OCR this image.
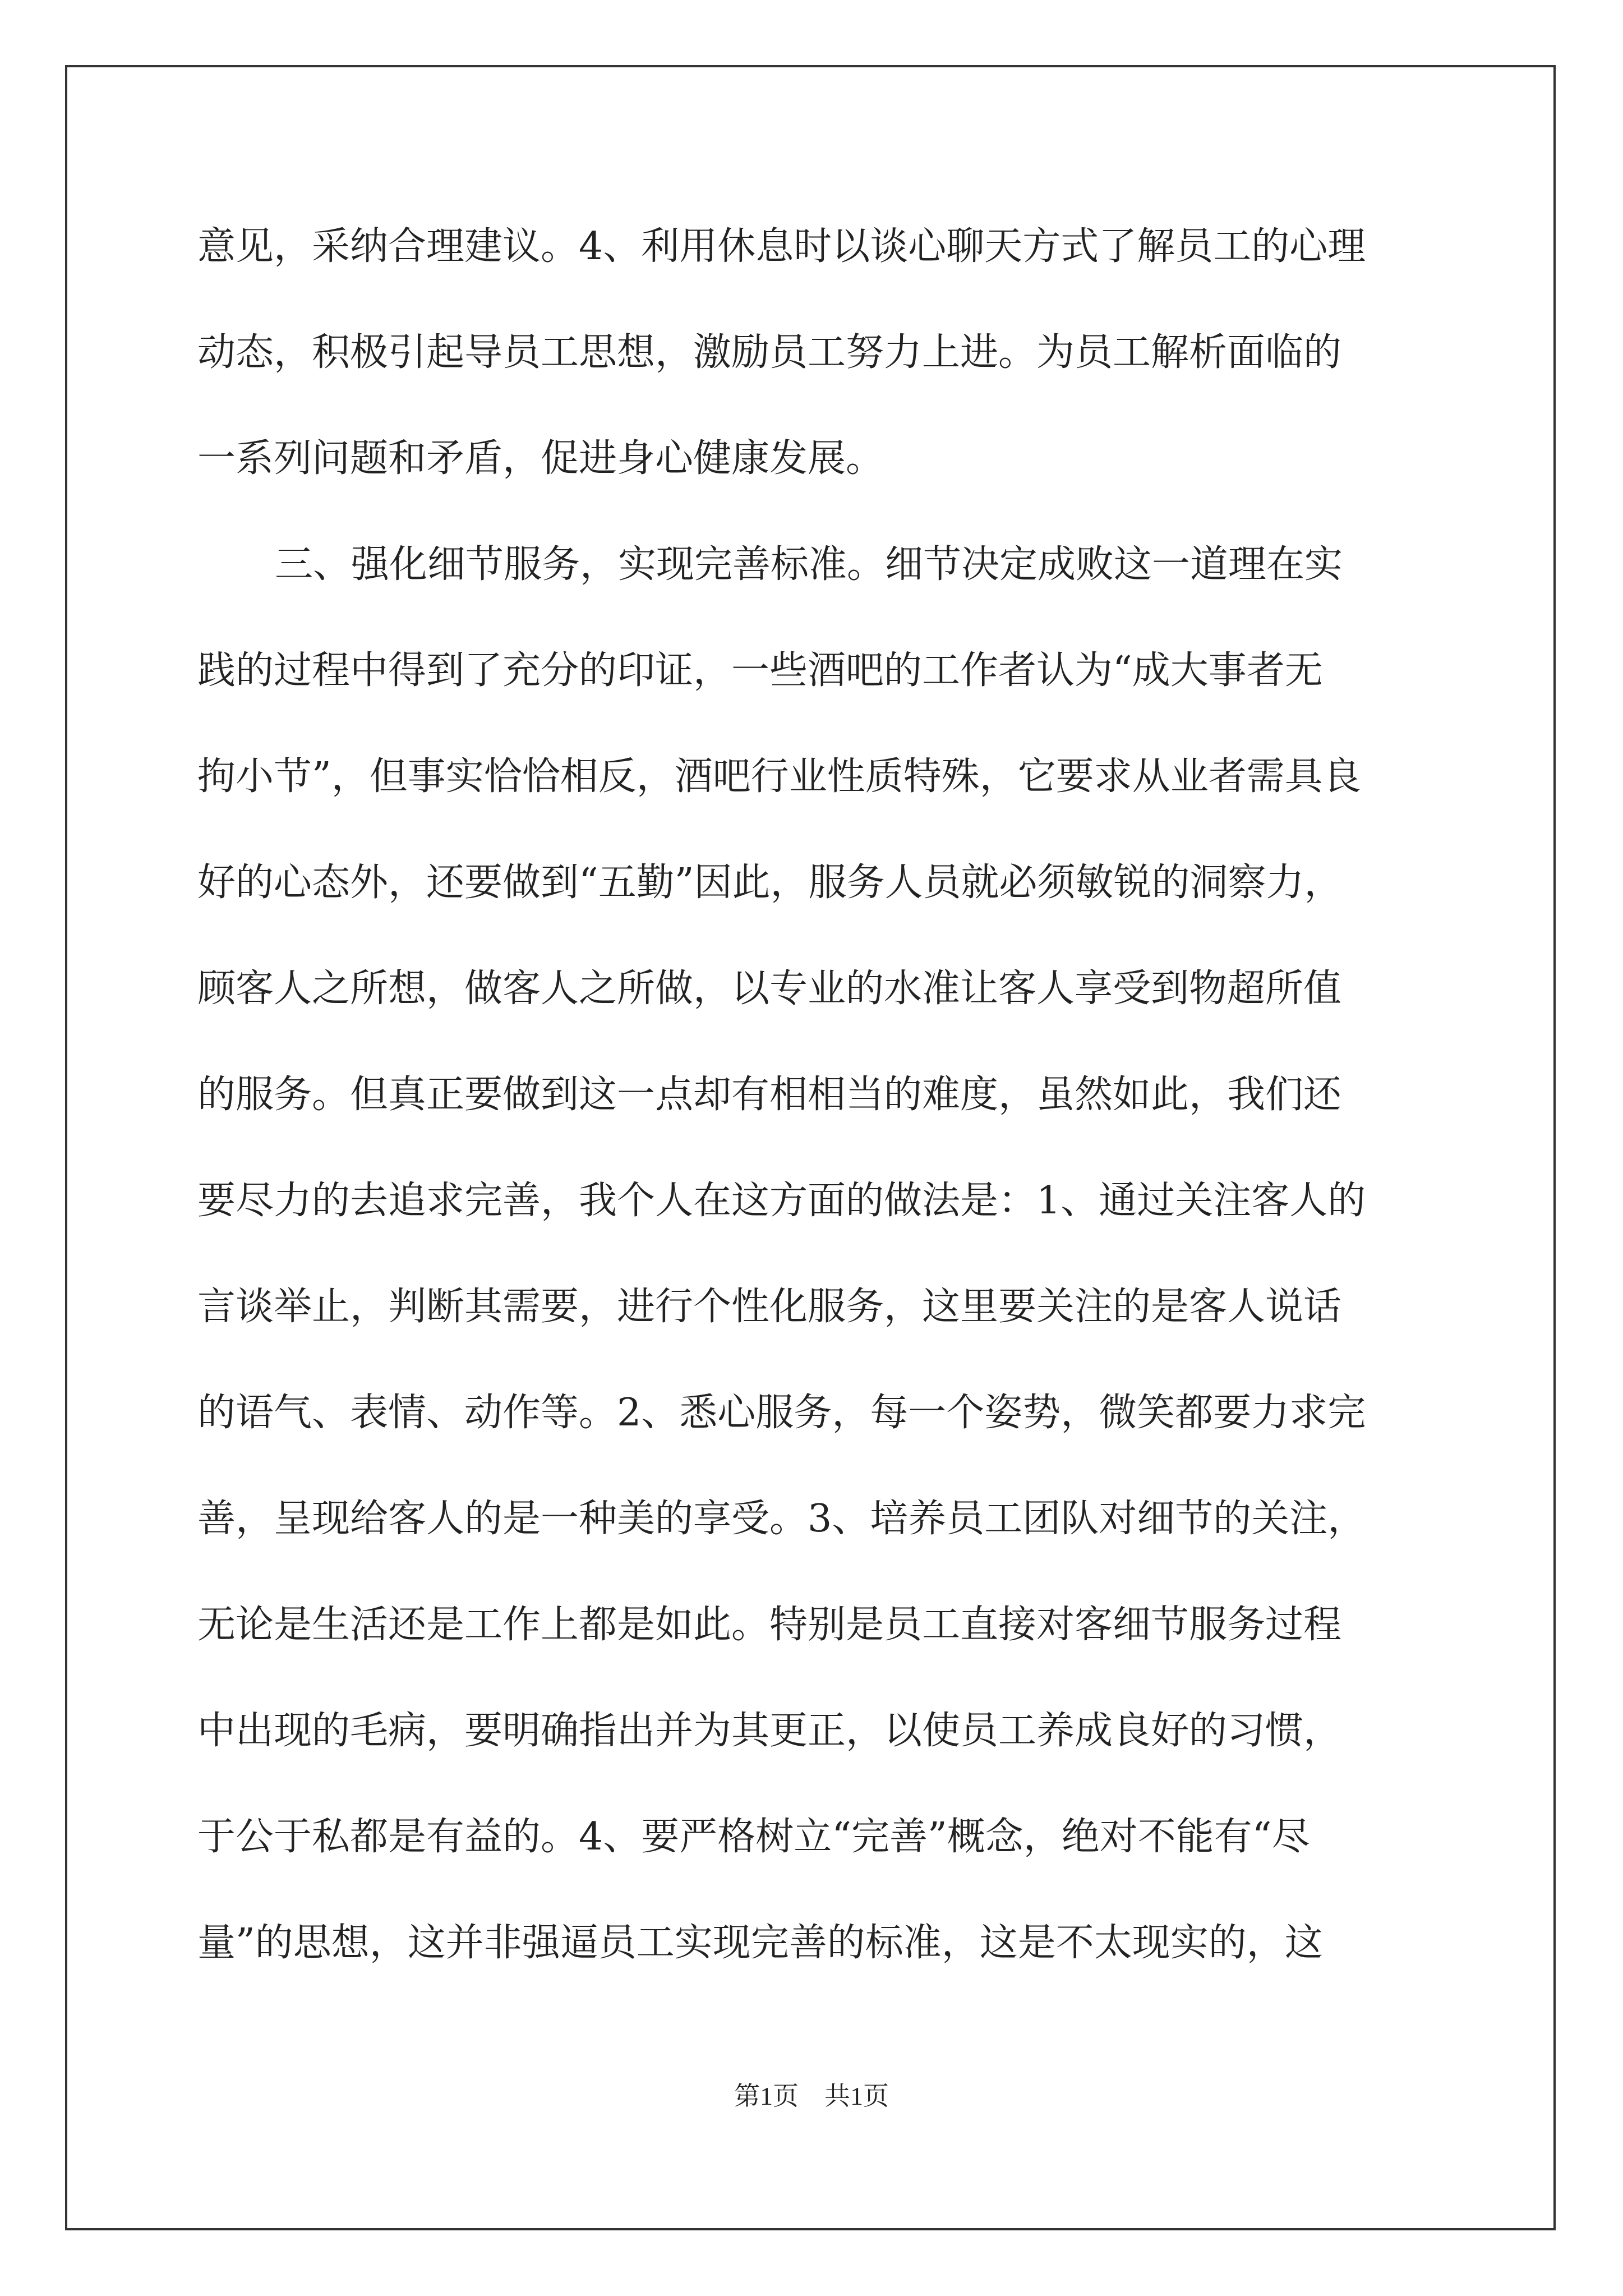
意见，采纳合理建议。4、利用休息时以谈心聊天方式了解员工的心理
动态，积极引起导员工思想，激励员工努力上进。为员工解析面临的
一系列问题和矛盾，促进身心健康发展。
三、强化细节服务，实现完善标准。细节决定成败这一道理在实
践的过程中得到了充分的印证，一些酒吧的工作者认为“成大事者无
拘小节”，但事实恰恰相反，酒吧行业性质特殊，它要求从业者需具良
好的心态外，还要做到“五勤”因此，服务人员就必须敏锐的洞察力，
顾客人之所想，做客人之所做，以专业的水准让客人享受到物超所值
的服务。但真正要做到这一点却有相相当的难度，虽然如此，我们还
要尽力的去追求完善，我个人在这方面的做法是：1、通过关注客人的
言谈举止，判断其需要，进行个性化服务，这里要关注的是客人说话
的语气、表情、动作等。2、悉心服务，每一个姿势，微笑都要力求完
善，呈现给客人的是一种美的享受。3、培养员工团队对细节的关注，
无论是生活还是工作上都是如此。特别是员工直接对客细节服务过程
中出现的毛病，要明确指出并为其更正，以使员工养成良好的习惯，
于公于私都是有益的。4、要严格树立“完善”概念，绝对不能有“尽
量”的思想，这并非强逼员工实现完善的标准，这是不太现实的，这
第1页　共1页
